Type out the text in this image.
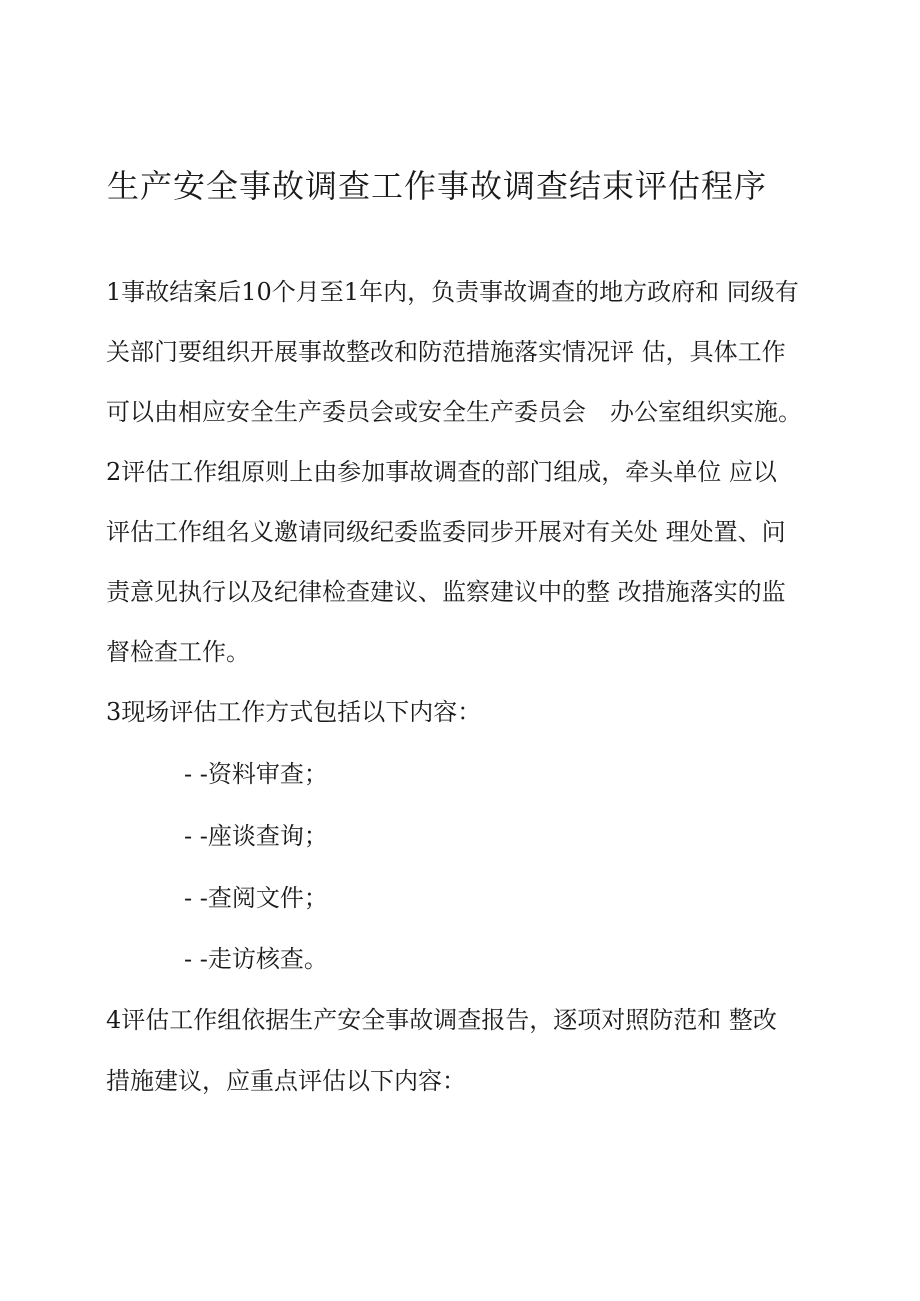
生产安全事故调查工作事故调查结束评估程序
1事故结案后10个月至1年内，负责事故调查的地方政府和 同级有
关部门要组织开展事故整改和防范措施落实情况评 估，具体工作
可以由相应安全生产委员会或安全生产委员会　办公室组织实施。
2评估工作组原则上由参加事故调查的部门组成，牵头单位 应以
评估工作组名义邀请同级纪委监委同步开展对有关处 理处置、问
责意见执行以及纪律检查建议、监察建议中的整 改措施落实的监
督检查工作。
3现场评估工作方式包括以下内容：
- -资料审查；
- -座谈查询；
- -查阅文件；
- -走访核查。
4评估工作组依据生产安全事故调查报告，逐项对照防范和 整改
措施建议，应重点评估以下内容：
